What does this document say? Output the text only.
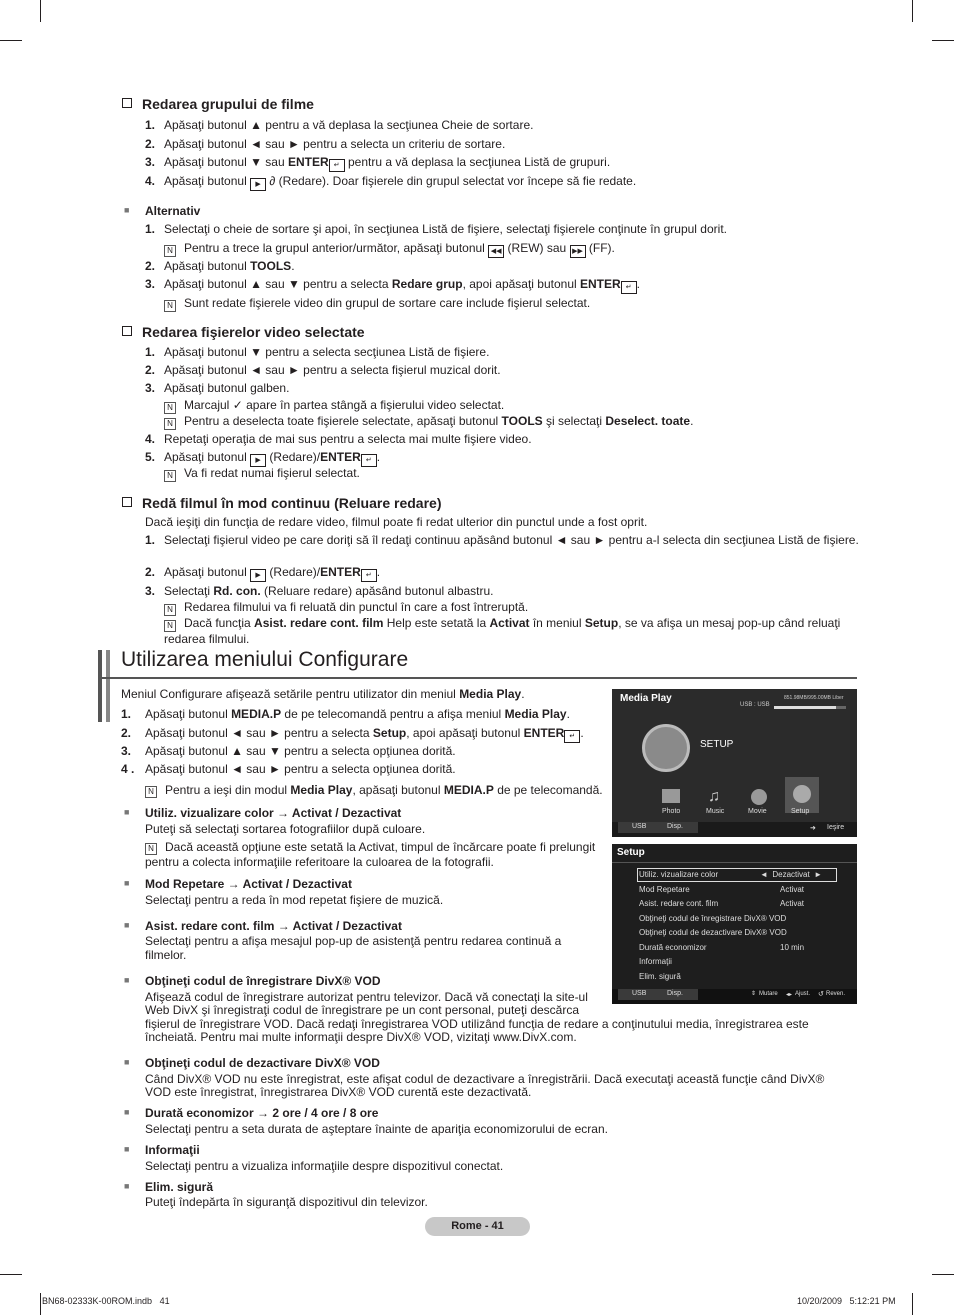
Redarea grupului de filme
1. Apăsaţi butonul ▲ pentru a vă deplasa la secţiunea Cheie de sortare.
2. Apăsaţi butonul ◄ sau ► pentru a selecta un criteriu de sortare.
3. Apăsaţi butonul ▼ sau ENTER ↵ pentru a vă deplasa la secţiunea Listă de grupuri.
4. Apăsaţi butonul ▶ ∂ (Redare). Doar fişierele din grupul selectat vor începe să fie redate.
■ Alternativ
1. Selectaţi o cheie de sortare şi apoi, în secţiunea Listă de fişiere, selectaţi fişierele conţinute în grupul dorit.
N Pentru a trece la grupul anterior/următor, apăsaţi butonul ◀◀ (REW) sau ▶▶ (FF).
2. Apăsaţi butonul TOOLS.
3. Apăsaţi butonul ▲ sau ▼ pentru a selecta Redare grup, apoi apăsaţi butonul ENTER ↵ .
N Sunt redate fişierele video din grupul de sortare care include fişierul selectat.
Redarea fişierelor video selectate
1. Apăsaţi butonul ▼ pentru a selecta secţiunea Listă de fişiere.
2. Apăsaţi butonul ◄ sau ► pentru a selecta fişierul muzical dorit.
3. Apăsaţi butonul galben.
N Marcajul ✓ apare în partea stângă a fişierului video selectat.
N Pentru a deselecta toate fişierele selectate, apăsaţi butonul TOOLS şi selectaţi Deselect. toate.
4. Repetaţi operaţia de mai sus pentru a selecta mai multe fişiere video.
5. Apăsaţi butonul ▶ (Redare)/ENTER ↵ .
N Va fi redat numai fişierul selectat.
Redă filmul în mod continuu (Reluare redare)
Dacă ieşiţi din funcţia de redare video, filmul poate fi redat ulterior din punctul unde a fost oprit.
1. Selectaţi fişierul video pe care doriţi să îl redaţi continuu apăsând butonul ◄ sau ► pentru a-l selecta din secţiunea Listă de fişiere.
2. Apăsaţi butonul ▶ (Redare)/ENTER ↵ .
3. Selectaţi Rd. con. (Reluare redare) apăsând butonul albastru.
N Redarea filmului va fi reluată din punctul în care a fost întreruptă.
N Dacă funcţia Asist. redare cont. film Help este setată la Activat în meniul Setup, se va afişa un mesaj pop-up când reluaţi redarea filmului.
Utilizarea meniului Configurare
Meniul Configurare afişează setările pentru utilizator din meniul Media Play.
1. Apăsaţi butonul MEDIA.P de pe telecomandă pentru a afişa meniul Media Play.
2. Apăsaţi butonul ◄ sau ► pentru a selecta Setup, apoi apăsaţi butonul ENTER ↵ .
3. Apăsaţi butonul ▲ sau ▼ pentru a selecta opţiunea dorită.
4 . Apăsaţi butonul ◄ sau ► pentru a selecta opţiunea dorită.
N Pentru a ieşi din modul Media Play, apăsaţi butonul MEDIA.P de pe telecomandă.
■ Utiliz. vizualizare color → Activat / Dezactivat
Puteţi să selectaţi sortarea fotografiilor după culoare.
N Dacă această opţiune este setată la Activat, timpul de încărcare poate fi prelungit pentru a colecta informaţiile referitoare la culoarea de la fotografii.
■ Mod Repetare → Activat / Dezactivat
Selectaţi pentru a reda în mod repetat fişiere de muzică.
■ Asist. redare cont. film → Activat / Dezactivat
Selectaţi pentru a afişa mesajul pop-up de asistenţă pentru redarea continuă a filmelor.
■ Obţineţi codul de înregistrare DivX® VOD
Afişează codul de înregistrare autorizat pentru televizor. Dacă vă conectaţi la site-ul
Web DivX şi înregistraţi codul de înregistrare pe un cont personal, puteţi descărca
fişierul de înregistrare VOD. Dacă redaţi înregistrarea VOD utilizând funcţia de redare a conţinutului media, înregistrarea este
încheiată. Pentru mai multe informaţii despre DivX® VOD, vizitaţi www.DivX.com.
■ Obţineţi codul de dezactivare DivX® VOD
Când DivX® VOD nu este înregistrat, este afişat codul de dezactivare a înregistrării. Dacă executaţi această funcţie când DivX®
VOD este înregistrat, înregistrarea DivX® VOD curentă este dezactivată.
■ Durată economizor → 2 ore / 4 ore / 8 ore
Selectaţi pentru a seta durata de aşteptare înainte de apariţia economizorului de ecran.
■ Informaţii
Selectaţi pentru a vizualiza informaţiile despre dispozitivul conectat.
■ Elim. sigură
Puteţi îndepărta în siguranţă dispozitivul din televizor.
Media Play
USB : USB
851.98MB/995.00MB Liber
SETUP
♫
Photo	Music	Movie	Setup
USB	Disp.	➜ Ieşire
Setup
Utiliz. vizualizare color	◄  Dezactivat  ►
Mod Repetare	Activat
Asist. redare cont. film	Activat
Obţineţi codul de înregistrare DivX® VOD
Obţineţi codul de dezactivare DivX® VOD
Durată economizor	10 min
Informaţii
Elim. sigură
USB	Disp.	⇕ Mutare ◂▸ Ajust. ↺ Reven.
Rome - 41
BN68-02333K-00ROM.indb   41	10/20/2009   5:12:21 PM
